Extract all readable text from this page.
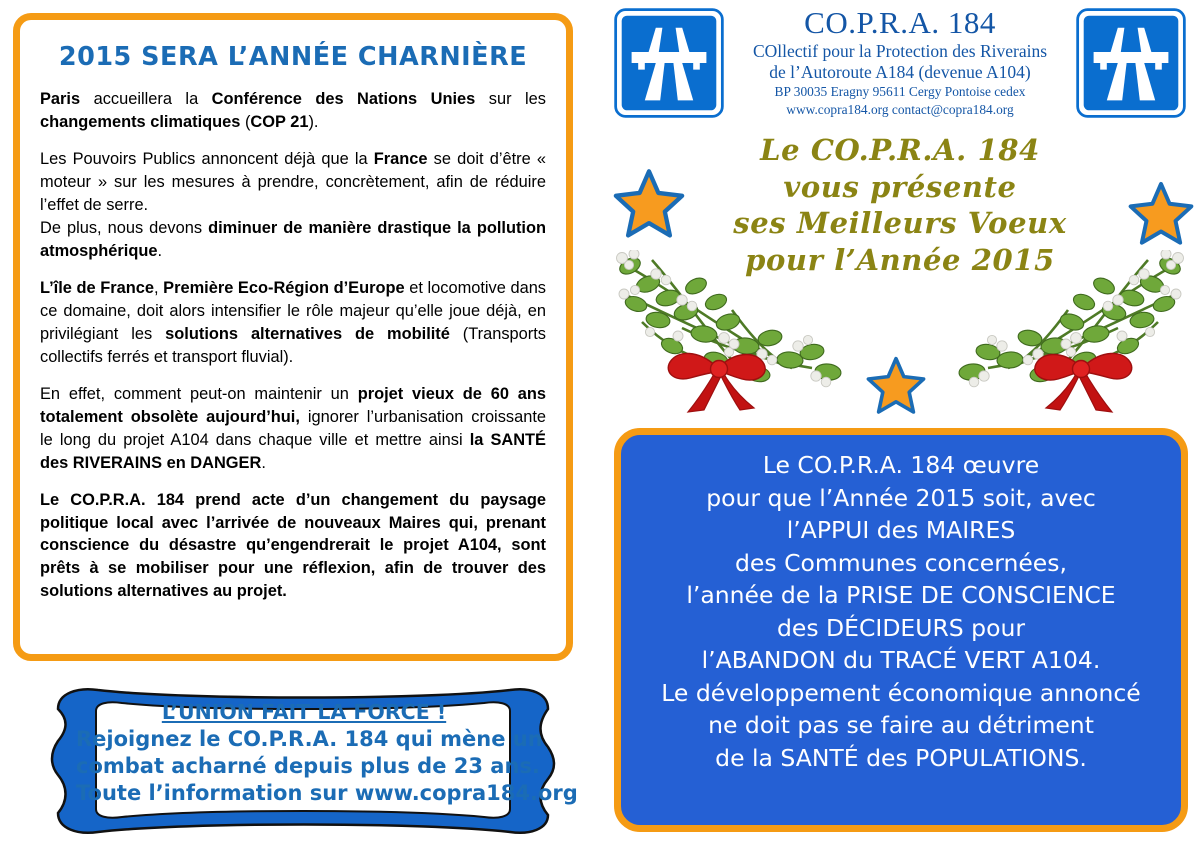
2015 SERA L’ANNÉE CHARNIÈRE

Paris accueillera la Conférence des Nations Unies sur les changements climatiques (COP 21).

Les Pouvoirs Publics annoncent déjà que la France se doit d’être « moteur » sur les mesures à prendre, concrètement, afin de réduire l’effet de serre.
De plus, nous devons diminuer de manière drastique la pollution atmosphérique.

L’île de France, Première Eco-Région d’Europe et locomotive dans ce domaine, doit alors intensifier le rôle majeur qu’elle joue déjà, en privilégiant les solutions alternatives de mobilité (Transports collectifs ferrés et transport fluvial).

En effet, comment peut-on maintenir un projet vieux de 60 ans totalement obsolète aujourd’hui, ignorer l’urbanisation croissante le long du projet A104 dans chaque ville et mettre ainsi la SANTÉ des RIVERAINS en DANGER.

Le CO.P.R.A. 184 prend acte d’un changement du paysage politique local avec l’arrivée de nouveaux Maires qui, prenant conscience du désastre qu’engendrerait le projet A104, sont prêts à se mobiliser pour une réflexion, afin de trouver des solutions alternatives au projet.

L’UNION FAIT LA FORCE !
Rejoignez le CO.P.R.A. 184 qui mène un
combat acharné depuis plus de 23 ans.
Toute l’information sur www.copra184.org
CO.P.R.A. 184
COllectif pour la Protection des Riverains
de l’Autoroute A184 (devenue A104)
BP 30035 Eragny 95611 Cergy Pontoise cedex
www.copra184.org contact@copra184.org
Le CO.P.R.A. 184
vous présente
ses Meilleurs Voeux
pour l’Année 2015
Le CO.P.R.A. 184 œuvre
pour que l’Année 2015 soit, avec
l’APPUI des MAIRES
des Communes concernées,
l’année de la PRISE DE CONSCIENCE
des DÉCIDEURS pour
l’ABANDON du TRACÉ VERT A104.
Le développement économique annoncé
ne doit pas se faire au détriment
de la SANTÉ des POPULATIONS.
